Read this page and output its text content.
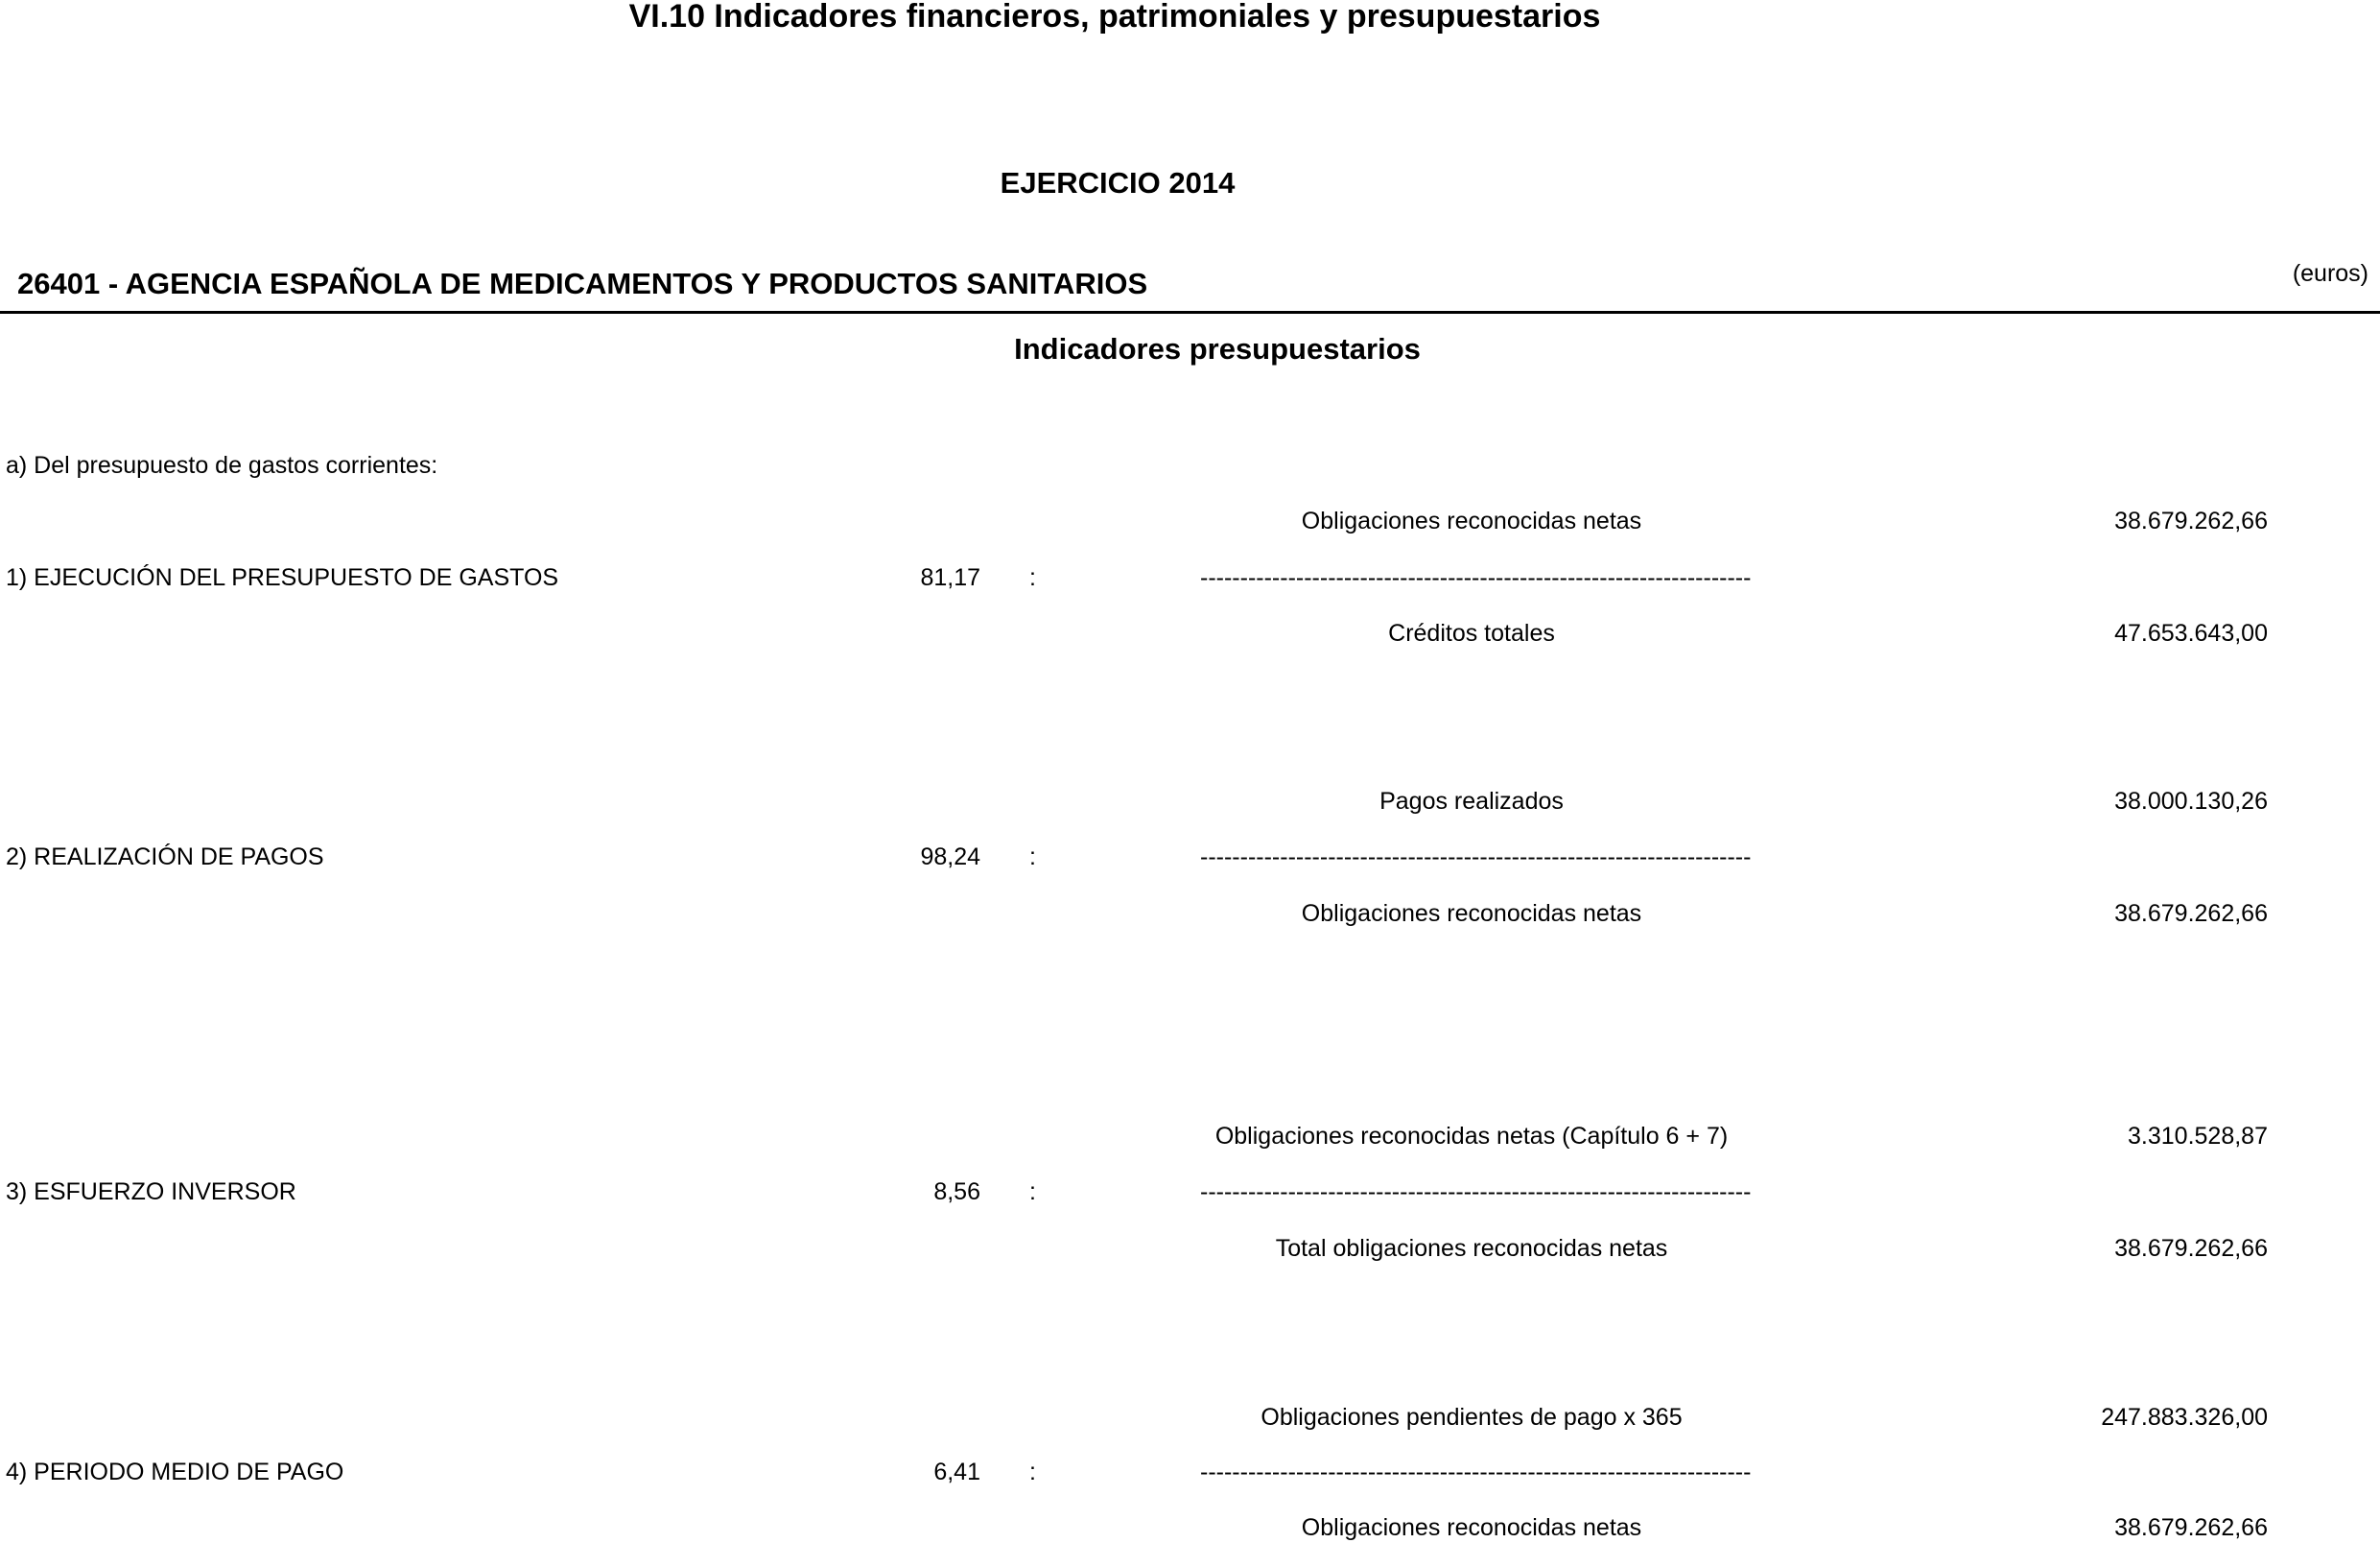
VI.10 Indicadores financieros, patrimoniales y presupuestarios
EJERCICIO 2014
26401 - AGENCIA ESPAÑOLA DE MEDICAMENTOS Y PRODUCTOS SANITARIOS	(euros)
Indicadores presupuestarios
a) Del presupuesto de gastos corrientes:
Obligaciones reconocidas netas	38.679.262,66
1) EJECUCIÓN DEL PRESUPUESTO DE GASTOS	81,17 :	---------------------------------------------------------------------
Créditos totales	47.653.643,00
Pagos realizados	38.000.130,26
2) REALIZACIÓN DE PAGOS	98,24 :	---------------------------------------------------------------------
Obligaciones reconocidas netas	38.679.262,66
Obligaciones reconocidas netas (Capítulo 6 + 7)	3.310.528,87
3) ESFUERZO INVERSOR	8,56 :	---------------------------------------------------------------------
Total obligaciones reconocidas netas	38.679.262,66
Obligaciones pendientes de pago x 365	247.883.326,00
4) PERIODO MEDIO DE PAGO	6,41 :	---------------------------------------------------------------------
Obligaciones reconocidas netas	38.679.262,66
